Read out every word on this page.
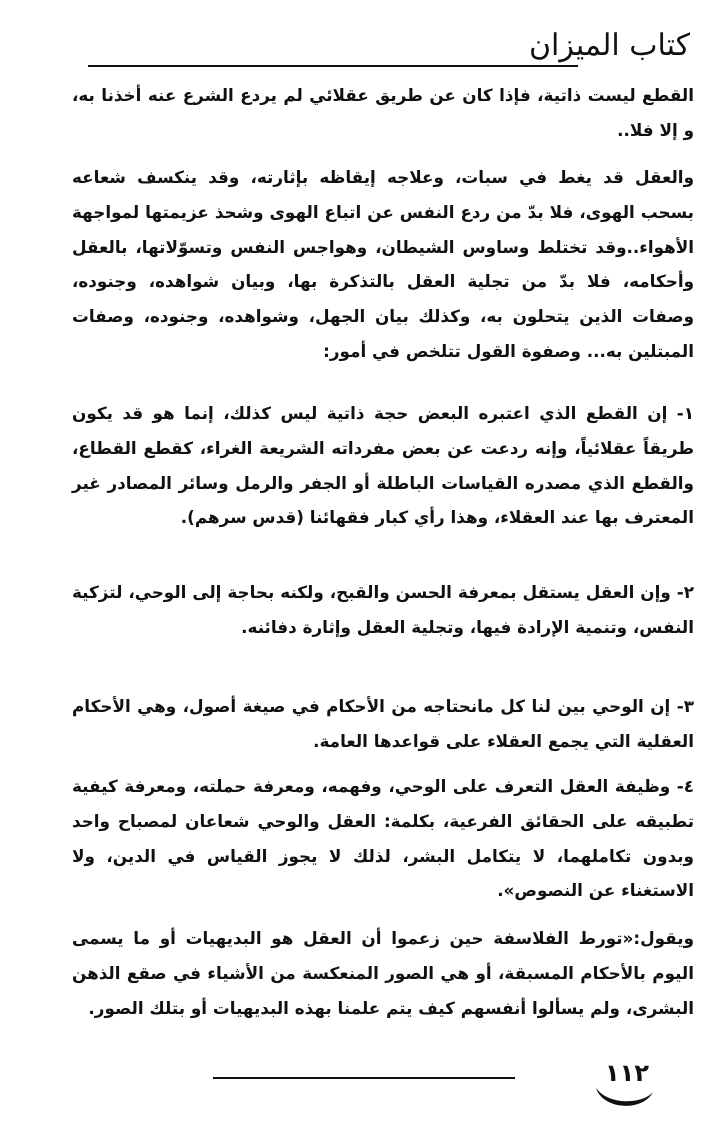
كتاب الميزان

القطع ليست ذاتية، فإذا كان عن طريق عقلائي لم يردع الشرع عنه أخذنا به، و إلا فلا..

والعقل قد يغط في سبات، وعلاجه إيقاظه بإثارته، وقد ينكسف شعاعه بسحب الهوى، فلا بدّ من ردع النفس عن اتباع الهوى وشحذ عزيمتها لمواجهة الأهواء..وقد تختلط وساوس الشيطان، وهواجس النفس وتسوّلاتها، بالعقل وأحكامه، فلا بدّ من تجلية العقل بالتذكرة بها، وبيان شواهده، وجنوده، وصفات الذين يتحلون به، وكذلك بيان الجهل، وشواهده، وجنوده، وصفات المبتلين به... وصفوة القول تتلخص في أمور:

١- إن القطع الذي اعتبره البعض حجة ذاتية ليس كذلك، إنما هو قد يكون طريقاً عقلائياً، وإنه ردعت عن بعض مفرداته الشريعة الغراء، كقطع القطاع، والقطع الذي مصدره القياسات الباطلة أو الجفر والرمل وسائر المصادر غير المعترف بها عند العقلاء، وهذا رأي كبار فقهائنا (قدس سرهم).

٢- وإن العقل يستقل بمعرفة الحسن والقبح، ولكنه بحاجة إلى الوحي، لتزكية النفس، وتنمية الإرادة فيها، وتجلية العقل وإثارة دفائنه.

٣- إن الوحي بين لنا كل مانحتاجه من الأحكام في صيغة أصول، وهي الأحكام العقلية التي يجمع العقلاء على قواعدها العامة.

٤- وظيفة العقل التعرف على الوحي، وفهمه، ومعرفة حملته، ومعرفة كيفية تطبيقه على الحقائق الفرعية، بكلمة: العقل والوحي شعاعان لمصباح واحد وبدون تكاملهما، لا يتكامل البشر، لذلك لا يجوز القياس في الدين، ولا الاستغناء عن النصوص».

ويقول:«تورط الفلاسفة حين زعموا أن العقل هو البديهيات أو ما يسمى اليوم بالأحكام المسبقة، أو هي الصور المنعكسة من الأشياء في صقع الذهن البشرى، ولم يسألوا أنفسهم كيف يتم علمنا بهذه البديهيات أو بتلك الصور.

١١٢
